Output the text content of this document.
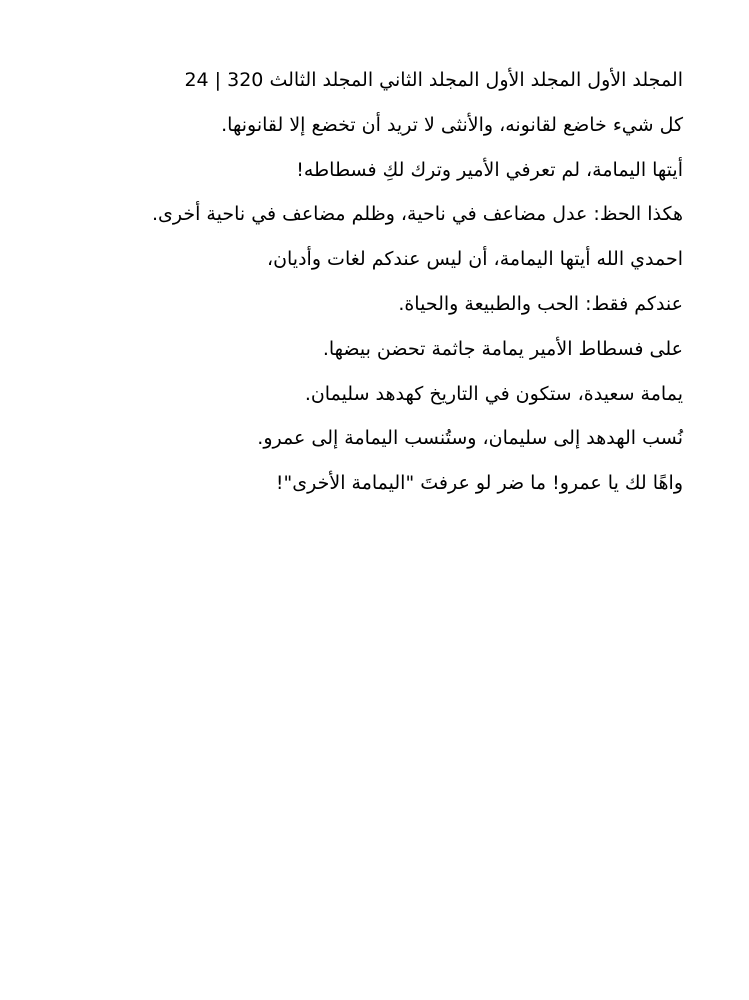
المجلد الأول المجلد الأول المجلد الثاني المجلد الثالث 24 | 320
كل شيء خاضع لقانونه، والأنثى لا تريد أن تخضع إلا لقانونها.
أيتها اليمامة، لم تعرفي الأمير وترك لكِ فسطاطه!
هكذا الحظ: عدل مضاعف في ناحية، وظلم مضاعف في ناحية أخرى.
احمدي الله أيتها اليمامة، أن ليس عندكم لغات وأديان،
عندكم فقط: الحب والطبيعة والحياة.
على فسطاط الأمير يمامة جاثمة تحضن بيضها.
يمامة سعيدة، ستكون في التاريخ كهدهد سليمان.
نُسب الهدهد إلى سليمان، وستُنسب اليمامة إلى عمرو.
واهًا لك يا عمرو! ما ضر لو عرفتَ "اليمامة الأخرى"!
